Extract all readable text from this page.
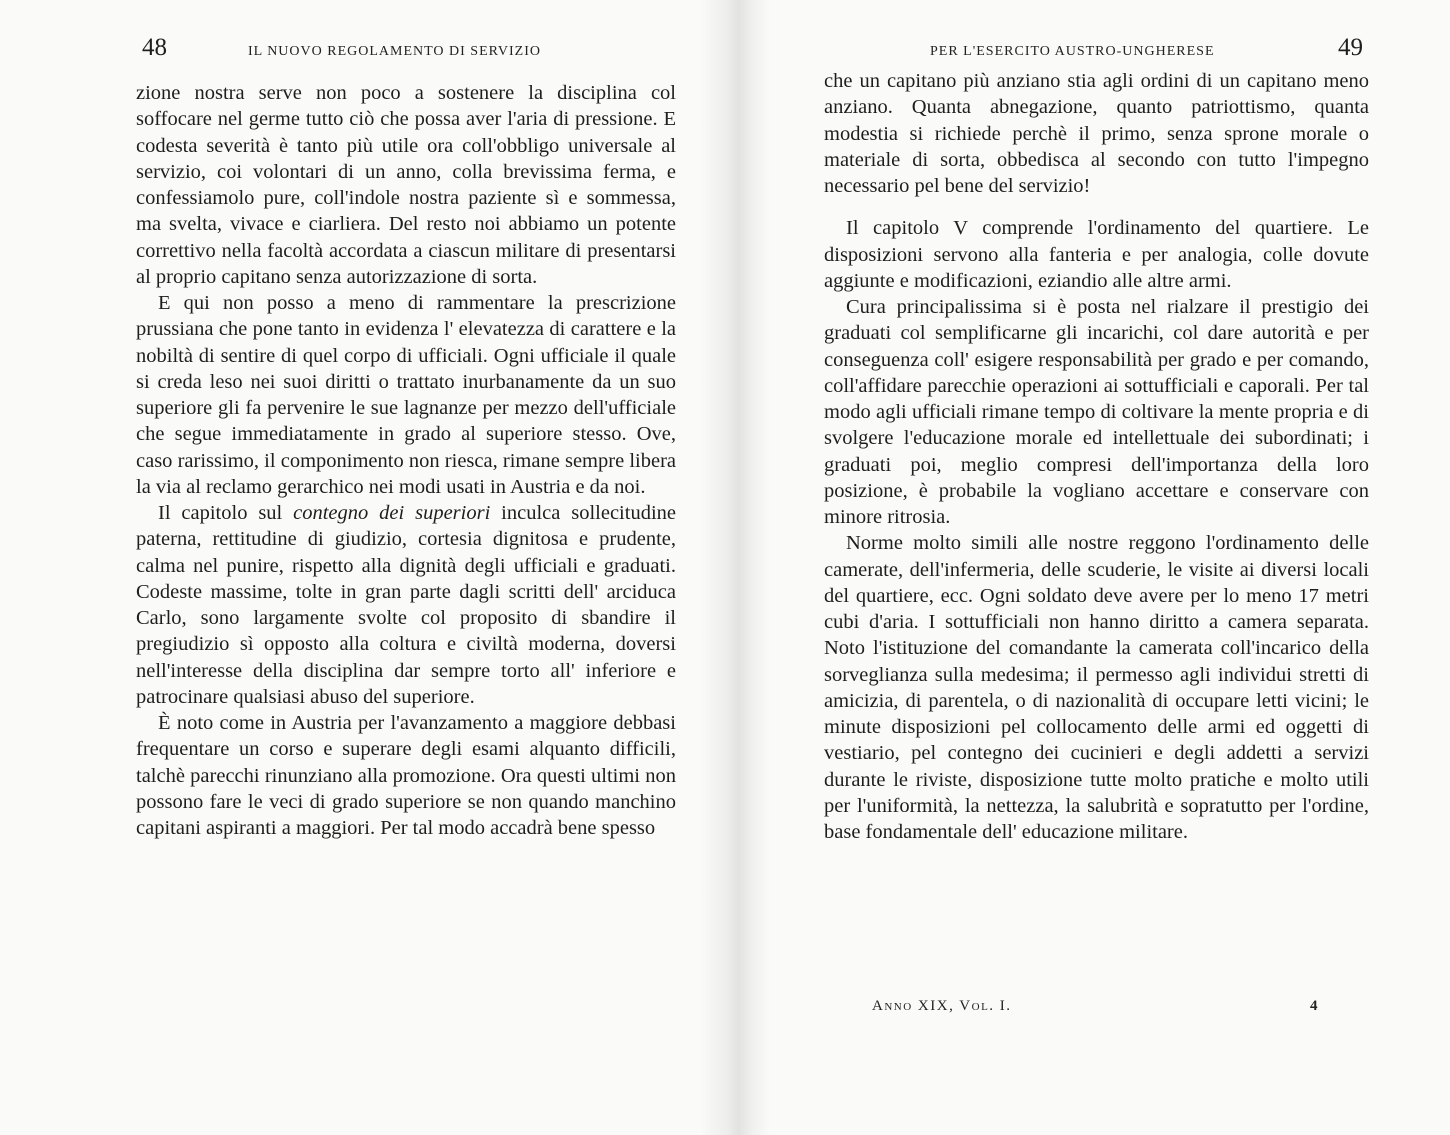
48	IL NUOVO REGOLAMENTO DI SERVIZIO

zione nostra serve non poco a sostenere la disciplina col soffocare nel germe tutto ciò che possa aver l'aria di pressione. E codesta severità è tanto più utile ora coll'obbligo universale al servizio, coi volontari di un anno, colla brevissima ferma, e confessiamolo pure, coll'indole nostra paziente sì e sommessa, ma svelta, vivace e ciarliera. Del resto noi abbiamo un potente correttivo nella facoltà accordata a ciascun militare di presentarsi al proprio capitano senza autorizzazione di sorta.

E qui non posso a meno di rammentare la prescrizione prussiana che pone tanto in evidenza l' elevatezza di carattere e la nobiltà di sentire di quel corpo di ufficiali. Ogni ufficiale il quale si creda leso nei suoi diritti o trattato inurbanamente da un suo superiore gli fa pervenire le sue lagnanze per mezzo dell'ufficiale che segue immediatamente in grado al superiore stesso. Ove, caso rarissimo, il componimento non riesca, rimane sempre libera la via al reclamo gerarchico nei modi usati in Austria e da noi.

Il capitolo sul contegno dei superiori inculca sollecitudine paterna, rettitudine di giudizio, cortesia dignitosa e prudente, calma nel punire, rispetto alla dignità degli ufficiali e graduati. Codeste massime, tolte in gran parte dagli scritti dell' arciduca Carlo, sono largamente svolte col proposito di sbandire il pregiudizio sì opposto alla coltura e civiltà moderna, doversi nell'interesse della disciplina dar sempre torto all' inferiore e patrocinare qualsiasi abuso del superiore.

È noto come in Austria per l'avanzamento a maggiore debbasi frequentare un corso e superare degli esami alquanto difficili, talchè parecchi rinunziano alla promozione. Ora questi ultimi non possono fare le veci di grado superiore se non quando manchino capitani aspiranti a maggiori. Per tal modo accadrà bene spesso

PER L'ESERCITO AUSTRO-UNGHERESE	49

che un capitano più anziano stia agli ordini di un capitano meno anziano. Quanta abnegazione, quanto patriottismo, quanta modestia si richiede perchè il primo, senza sprone morale o materiale di sorta, obbedisca al secondo con tutto l'impegno necessario pel bene del servizio!

Il capitolo V comprende l'ordinamento del quartiere. Le disposizioni servono alla fanteria e per analogia, colle dovute aggiunte e modificazioni, eziandio alle altre armi.

Cura principalissima si è posta nel rialzare il prestigio dei graduati col semplificarne gli incarichi, col dare autorità e per conseguenza coll' esigere responsabilità per grado e per comando, coll'affidare parecchie operazioni ai sottufficiali e caporali. Per tal modo agli ufficiali rimane tempo di coltivare la mente propria e di svolgere l'educazione morale ed intellettuale dei subordinati; i graduati poi, meglio compresi dell'importanza della loro posizione, è probabile la vogliano accettare e conservare con minore ritrosia.

Norme molto simili alle nostre reggono l'ordinamento delle camerate, dell'infermeria, delle scuderie, le visite ai diversi locali del quartiere, ecc. Ogni soldato deve avere per lo meno 17 metri cubi d'aria. I sottufficiali non hanno diritto a camera separata. Noto l'istituzione del comandante la camerata coll'incarico della sorveglianza sulla medesima; il permesso agli individui stretti di amicizia, di parentela, o di nazionalità di occupare letti vicini; le minute disposizioni pel collocamento delle armi ed oggetti di vestiario, pel contegno dei cucinieri e degli addetti a servizi durante le riviste, disposizione tutte molto pratiche e molto utili per l'uniformità, la nettezza, la salubrità e sopratutto per l'ordine, base fondamentale dell' educazione militare.

Anno XIX, Vol. I.	4
